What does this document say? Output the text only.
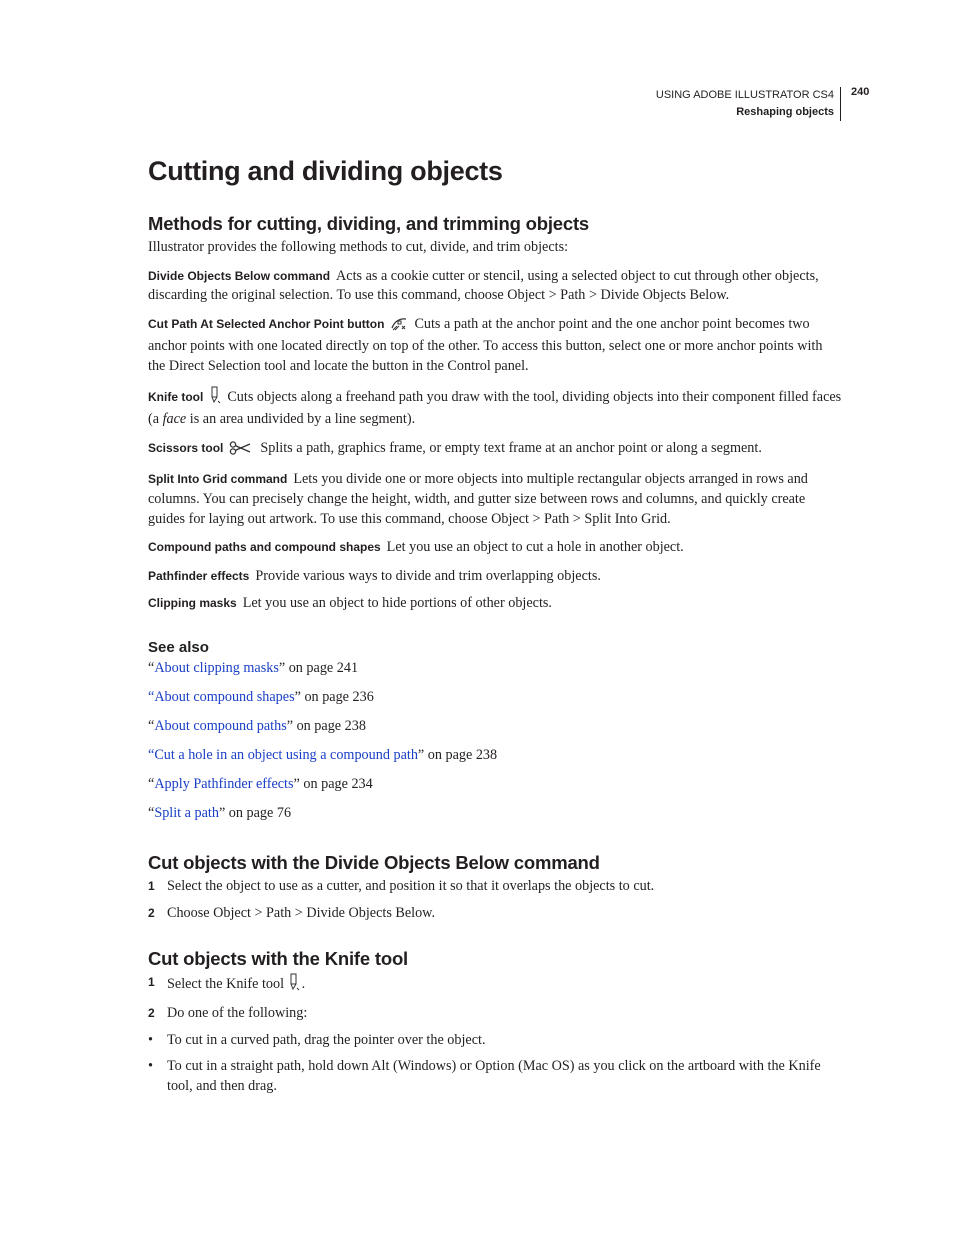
USING ADOBE ILLUSTRATOR CS4
Reshaping objects
240
Cutting and dividing objects
Methods for cutting, dividing, and trimming objects

Illustrator provides the following methods to cut, divide, and trim objects:

Divide Objects Below command Acts as a cookie cutter or stencil, using a selected object to cut through other objects, discarding the original selection. To use this command, choose Object > Path > Divide Objects Below.

Cut Path At Selected Anchor Point button Cuts a path at the anchor point and the one anchor point becomes two anchor points with one located directly on top of the other. To access this button, select one or more anchor points with the Direct Selection tool and locate the button in the Control panel.

Knife tool Cuts objects along a freehand path you draw with the tool, dividing objects into their component filled faces (a face is an area undivided by a line segment).

Scissors tool	Splits a path, graphics frame, or empty text frame at an anchor point or along a segment.

Split Into Grid command Lets you divide one or more objects into multiple rectangular objects arranged in rows and columns. You can precisely change the height, width, and gutter size between rows and columns, and quickly create guides for laying out artwork. To use this command, choose Object > Path > Split Into Grid.

Compound paths and compound shapes Let you use an object to cut a hole in another object.

Pathfinder effects Provide various ways to divide and trim overlapping objects.

Clipping masks Let you use an object to hide portions of other objects.

See also

“About clipping masks” on page 241

“About compound shapes” on page 236

“About compound paths” on page 238

“Cut a hole in an object using a compound path” on page 238

“Apply Pathfinder effects” on page 234

“Split a path” on page 76

Cut objects with the Divide Objects Below command
1 Select the object to use as a cutter, and position it so that it overlaps the objects to cut.
2 Choose Object > Path > Divide Objects Below.
Cut objects with the Knife tool
1 Select the Knife tool .
2 Do one of the following:
• To cut in a curved path, drag the pointer over the object.
• To cut in a straight path, hold down Alt (Windows) or Option (Mac OS) as you click on the artboard with the Knife tool, and then drag.
